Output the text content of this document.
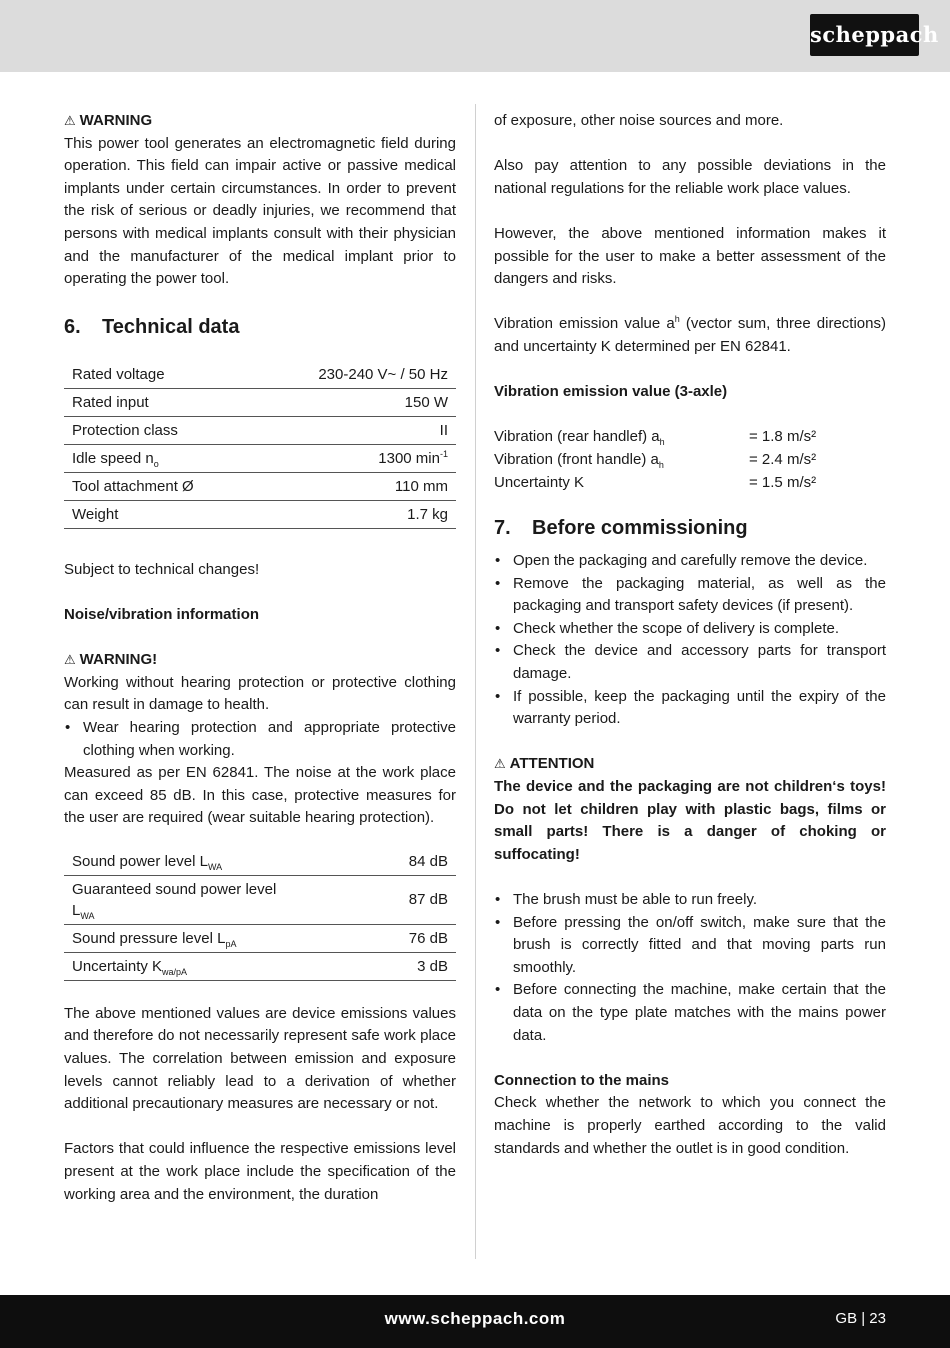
scheppach

⚠ WARNING

This power tool generates an electromagnetic field during operation. This field can impair active or passive medical implants under certain circumstances. In order to prevent the risk of serious or deadly injuries, we recommend that persons with medical implants consult with their physician and the manufacturer of the medical implant prior to operating the power tool.

6. Technical data
Rated voltage	230-240 V~ / 50 Hz
Rated input	150 W
Protection class	II
Idle speed $n_o$	1300 $\min^{-1}$
Tool attachment Ø	110 mm
Weight	1.7 kg

Subject to technical changes!

Noise/vibration information

⚠ WARNING!

Working without hearing protection or protective clothing can result in damage to health.

• Wear hearing protection and appropriate protective clothing when working.

Measured as per EN 62841. The noise at the work place can exceed 85 dB. In this case, protective measures for the user are required (wear suitable hearing protection).

Sound power level $L_{WA}$	84 dB
Guaranteed sound power level $L_{WA}$	87 dB
Sound pressure level $L_{pA}$	76 dB
Uncertainty $K_{wa/pA}$	3 dB

The above mentioned values are device emissions values and therefore do not necessarily represent safe work place values. The correlation between emission and exposure levels cannot reliably lead to a derivation of whether additional precautionary measures are necessary or not.

Factors that could influence the respective emissions level present at the work place include the specification of the working area and the environment, the duration

of exposure, other noise sources and more.

Also pay attention to any possible deviations in the national regulations for the reliable work place values.

However, the above mentioned information makes it possible for the user to make a better assessment of the dangers and risks.

Vibration emission value $a^h$ (vector sum, three directions) and uncertainty K determined per EN 62841.

Vibration emission value (3-axle)

Vibration (rear handlef) $a_h$	= 1.8 m/s²
Vibration (front handle) $a_h$	= 2.4 m/s²
Uncertainty K	= 1.5 m/s²
7. Before commissioning
• Open the packaging and carefully remove the device.
• Remove the packaging material, as well as the packaging and transport safety devices (if present).
• Check whether the scope of delivery is complete.
• Check the device and accessory parts for transport damage.
• If possible, keep the packaging until the expiry of the warranty period.

⚠ ATTENTION

The device and the packaging are not children‘s toys! Do not let children play with plastic bags, films or small parts! There is a danger of choking or suffocating!

• The brush must be able to run freely.
• Before pressing the on/off switch, make sure that the brush is correctly fitted and that moving parts run smoothly.
• Before connecting the machine, make certain that the data on the type plate matches with the mains power data.

Connection to the mains

Check whether the network to which you connect the machine is properly earthed according to the valid standards and whether the outlet is in good condition.

www.scheppach.com	GB | 23
